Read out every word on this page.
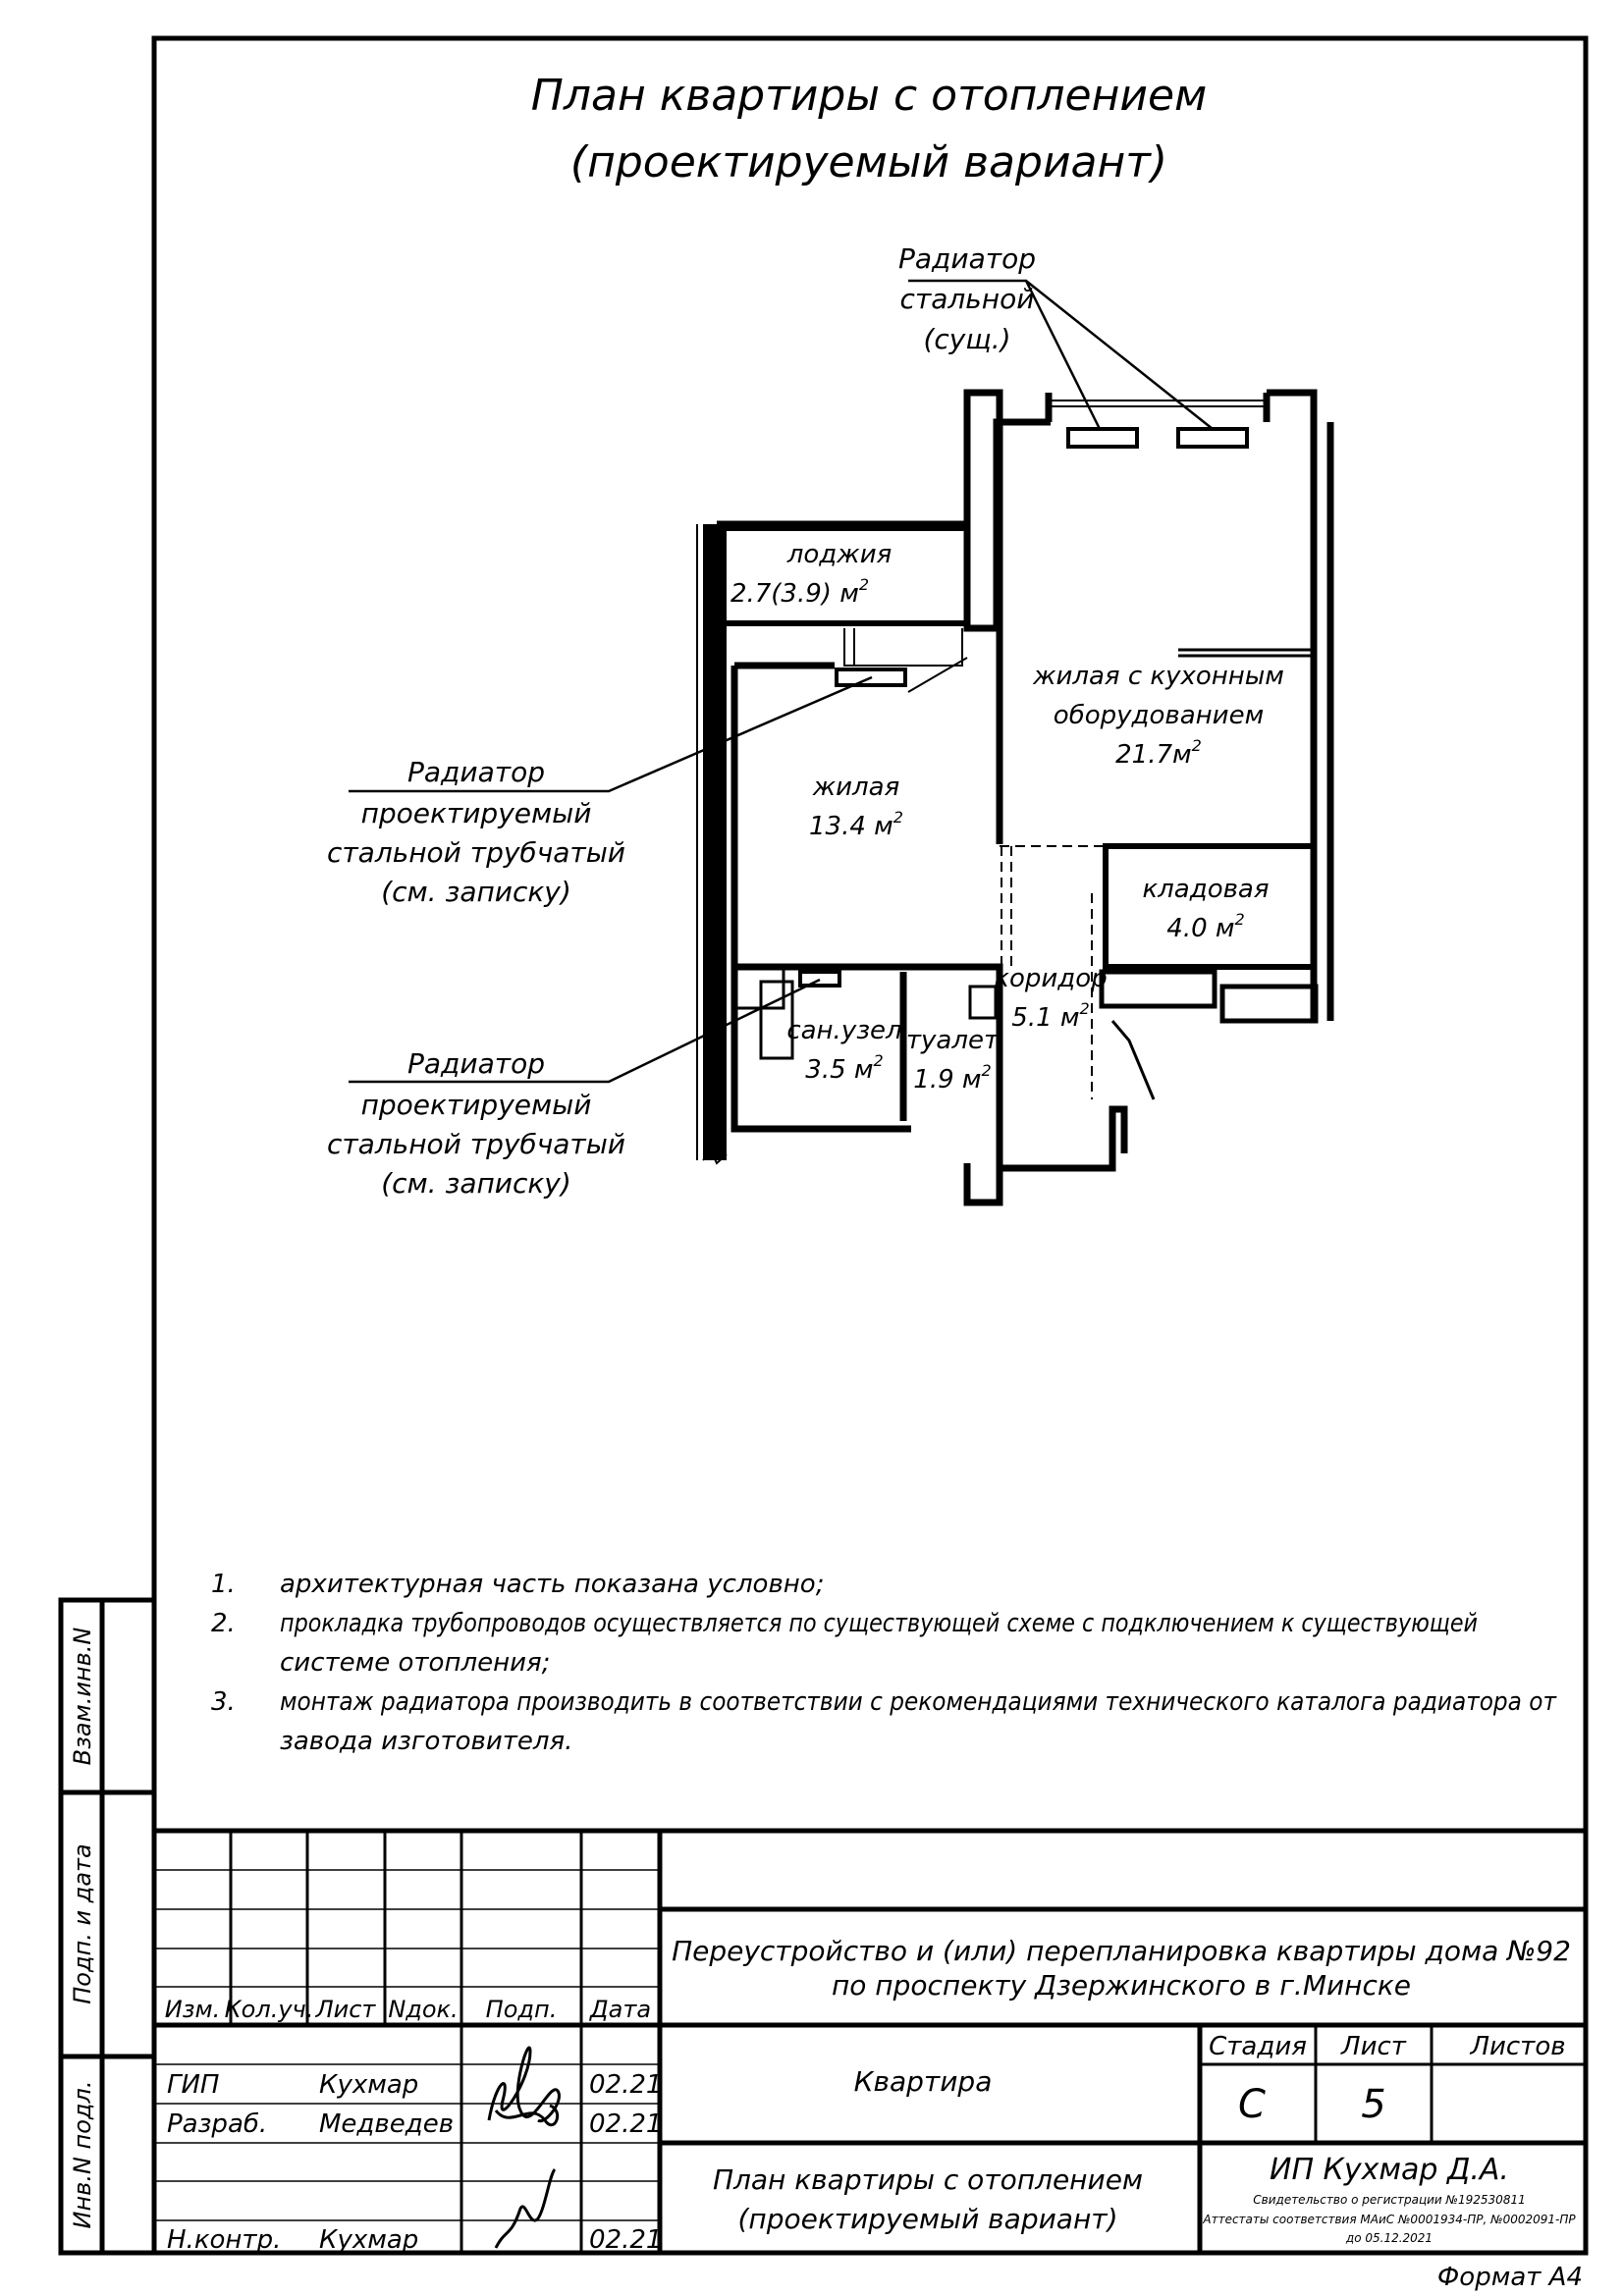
План квартиры с отоплением
(проектируемый вариант)
Радиатор
стальной
(сущ.)
Радиатор
проектируемый
стальной трубчатый
(см. записку)
Радиатор
проектируемый
стальной трубчатый
(см. записку)
лоджия
2.7(3.9) $м^2$
жилая с кухонным
оборудованием
$21.7м^2$
жилая
13.4 $м^2$
кладовая
4.0 $м^2$
коридор
5.1 $м^2$
сан.узел
3.5 $м^2$
туалет
1.9 $м^2$
1. архитектурная часть показана условно;
2. прокладка трубопроводов осуществляется по существующей схеме с подключением к существующей
системе отопления;
3. монтаж радиатора производить в соответствии с рекомендациями технического каталога радиатора от
завода изготовителя.
Взам.инв.N
Подп. и дата
Инв.N подл.
Изм. Кол.уч. Лист Nдок. Подп. Дата
ГИП	Кухмар	02.21
Разраб. Медведев	02.21
Н.контр. Кухмар	02.21
Переустройство и (или) перепланировка квартиры дома №92
по проспекту Дзержинского в г.Минске
Квартира
Стадия Лист	Листов
С 5
План квартиры с отоплением
(проектируемый вариант)
ИП Кухмар Д.А.
Свидетельство о регистрации №192530811
Аттестаты соответствия МАиС №0001934-ПР, №0002091-ПР
до 05.12.2021
Формат А4
